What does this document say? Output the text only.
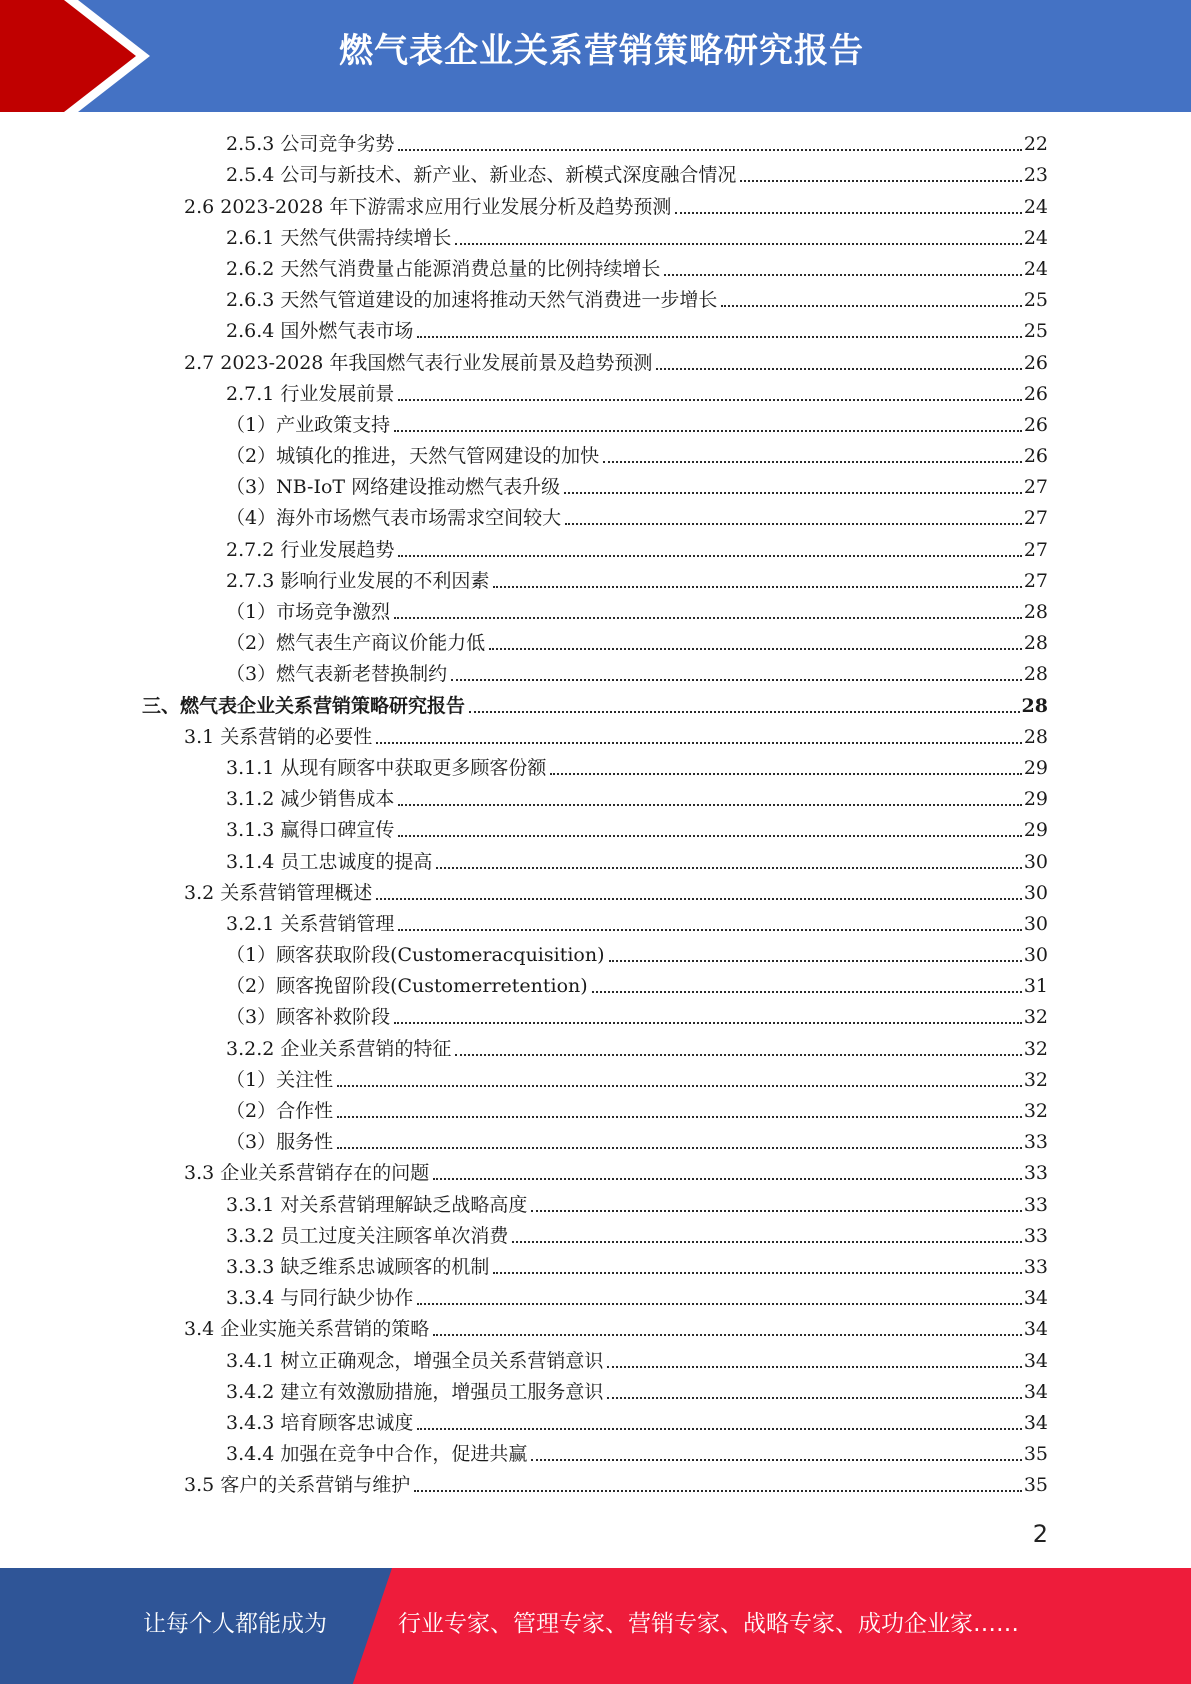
燃气表企业关系营销策略研究报告
2.5.3 公司竞争劣势	22
2.5.4 公司与新技术、新产业、新业态、新模式深度融合情况	23
2.6 2023-2028 年下游需求应用行业发展分析及趋势预测	24
2.6.1 天然气供需持续增长	24
2.6.2 天然气消费量占能源消费总量的比例持续增长	24
2.6.3 天然气管道建设的加速将推动天然气消费进一步增长	25
2.6.4 国外燃气表市场	25
2.7 2023-2028 年我国燃气表行业发展前景及趋势预测	26
2.7.1 行业发展前景	26
（1）产业政策支持	26
（2）城镇化的推进，天然气管网建设的加快	26
（3）NB-IoT 网络建设推动燃气表升级	27
（4）海外市场燃气表市场需求空间较大	27
2.7.2 行业发展趋势	27
2.7.3 影响行业发展的不利因素	27
（1）市场竞争激烈	28
（2）燃气表生产商议价能力低	28
（3）燃气表新老替换制约	28
三、燃气表企业关系营销策略研究报告	28
3.1 关系营销的必要性	28
3.1.1 从现有顾客中获取更多顾客份额	29
3.1.2 减少销售成本	29
3.1.3 赢得口碑宣传	29
3.1.4 员工忠诚度的提高	30
3.2 关系营销管理概述	30
3.2.1 关系营销管理	30
（1）顾客获取阶段(Customeracquisition)	30
（2）顾客挽留阶段(Customerretention)	31
（3）顾客补救阶段	32
3.2.2 企业关系营销的特征	32
（1）关注性	32
（2）合作性	32
（3）服务性	33
3.3 企业关系营销存在的问题	33
3.3.1 对关系营销理解缺乏战略高度	33
3.3.2 员工过度关注顾客单次消费	33
3.3.3 缺乏维系忠诚顾客的机制	33
3.3.4 与同行缺少协作	34
3.4 企业实施关系营销的策略	34
3.4.1 树立正确观念，增强全员关系营销意识	34
3.4.2 建立有效激励措施，增强员工服务意识	34
3.4.3 培育顾客忠诚度	34
3.4.4 加强在竞争中合作，促进共赢	35
3.5 客户的关系营销与维护	35
2
让每个人都能成为	行业专家、管理专家、营销专家、战略专家、成功企业家……
